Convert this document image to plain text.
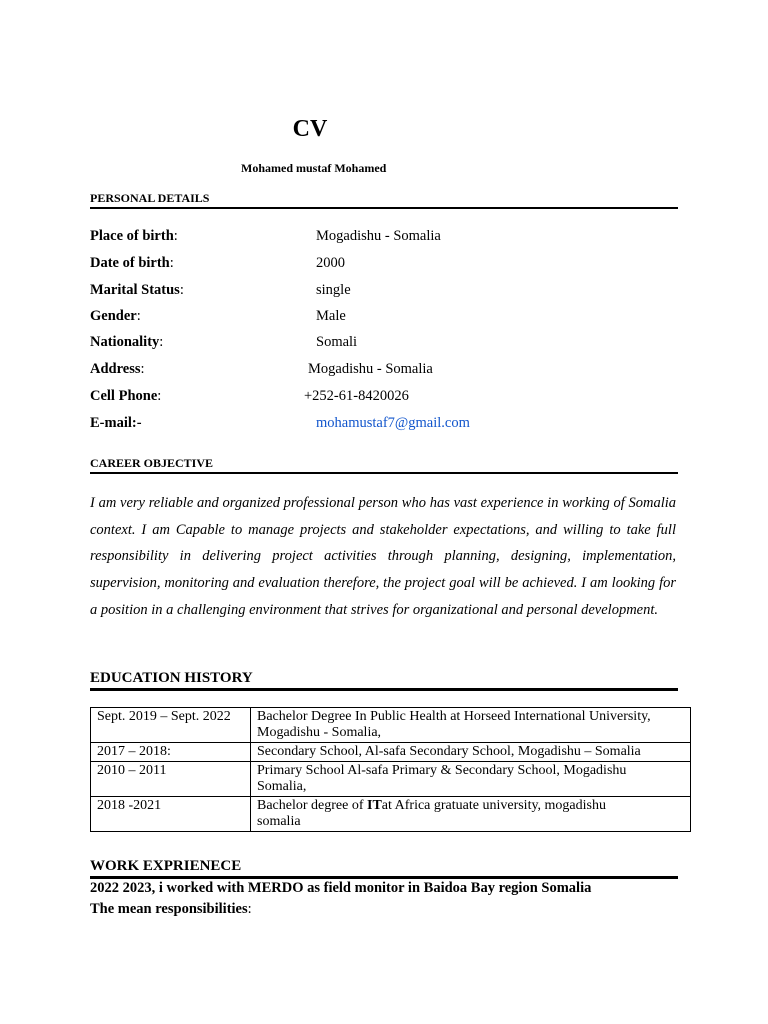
CV
Mohamed mustaf Mohamed
PERSONAL DETAILS
Place of birth:	Mogadishu - Somalia
Date of birth:	2000
Marital Status:	single
Gender:	Male
Nationality:	Somali
Address:	Mogadishu - Somalia
Cell Phone:	+252-61-8420026
E-mail:-	mohamustaf7@gmail.com
CAREER OBJECTIVE
I am very reliable and organized professional person who has vast experience in working of Somalia context. I am Capable to manage projects and stakeholder expectations, and willing to take full responsibility in delivering project activities through planning, designing, implementation, supervision, monitoring and evaluation therefore, the project goal will be achieved. I am looking for a position in a challenging environment that strives for organizational and personal development.
EDUCATION HISTORY
Sept. 2019 – Sept. 2022	Bachelor Degree In Public Health at Horseed International University,
Mogadishu - Somalia,
2017 – 2018:	Secondary School, Al-safa Secondary School, Mogadishu – Somalia
2010 – 2011	Primary School Al-safa Primary & Secondary School, Mogadishu
Somalia,
2018 -2021	Bachelor degree of ITat Africa gratuate university, mogadishu
somalia
WORK EXPRIENECE
2022 2023, i worked with MERDO as field monitor in Baidoa Bay region Somalia
The mean responsibilities:
